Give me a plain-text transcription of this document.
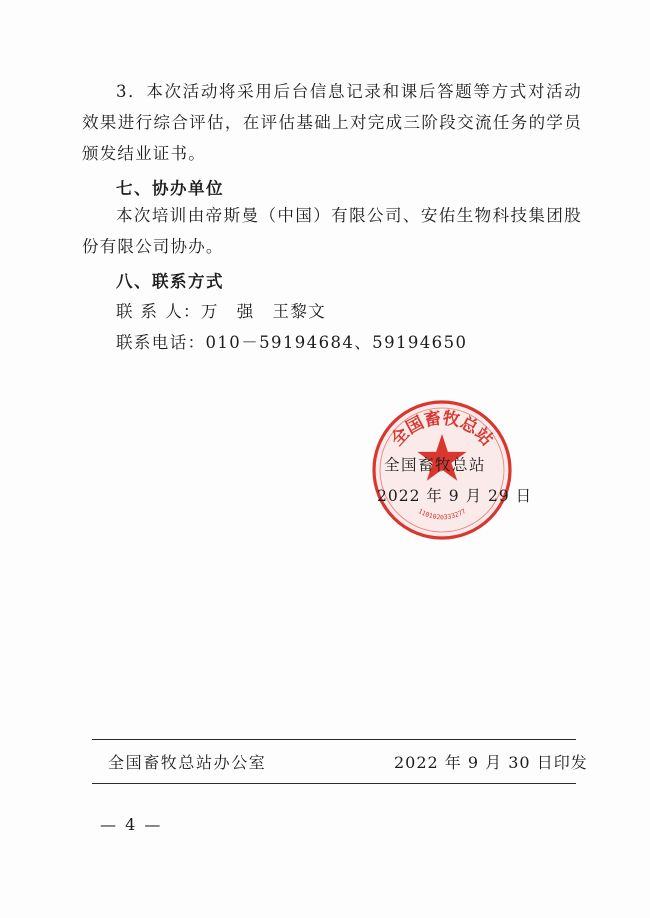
3．本次活动将采用后台信息记录和课后答题等方式对活动效果进行综合评估，在评估基础上对完成三阶段交流任务的学员颁发结业证书。

七、协办单位

本次培训由帝斯曼（中国）有限公司、安佑生物科技集团股份有限公司协办。

八、联系方式

联 系 人：万　强　王黎文

联系电话：010－59194684、59194650

全国畜牧总站
1101020333277
全国畜牧总站
2022 年 9 月 29 日
全国畜牧总站办公室	2022 年 9 月 30 日印发
— 4 —
